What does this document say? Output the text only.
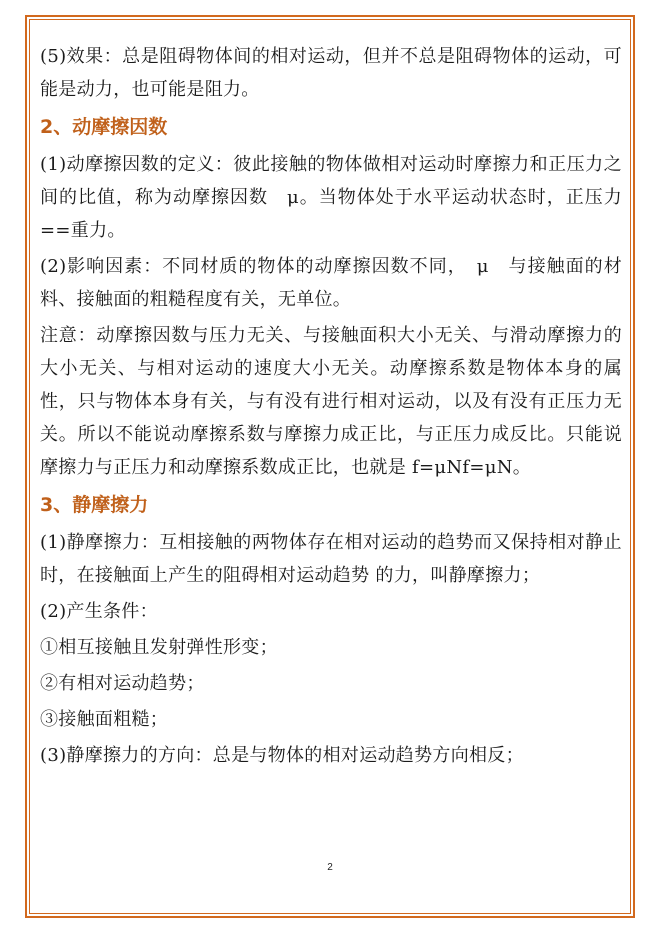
(5)效果：总是阻碍物体间的相对运动，但并不总是阻碍物体的运动，可能是动力，也可能是阻力。

2、动摩擦因数

(1)动摩擦因数的定义：彼此接触的物体做相对运动时摩擦力和正压力之间的比值，称为动摩擦因数　μ。当物体处于水平运动状态时，正压力==重力。

(2)影响因素：不同材质的物体的动摩擦因数不同，　μ　与接触面的材料、接触面的粗糙程度有关，无单位。

注意：动摩擦因数与压力无关、与接触面积大小无关、与滑动摩擦力的大小无关、与相对运动的速度大小无关。动摩擦系数是物体本身的属性，只与物体本身有关，与有没有进行相对运动，以及有没有正压力无关。所以不能说动摩擦系数与摩擦力成正比，与正压力成反比。只能说摩擦力与正压力和动摩擦系数成正比，也就是 f=μNf=μN。

3、静摩擦力

(1)静摩擦力：互相接触的两物体存在相对运动的趋势而又保持相对静止时，在接触面上产生的阻碍相对运动趋势 的力，叫静摩擦力；

(2)产生条件：

①相互接触且发射弹性形变；

②有相对运动趋势；

③接触面粗糙；

(3)静摩擦力的方向：总是与物体的相对运动趋势方向相反；

2
